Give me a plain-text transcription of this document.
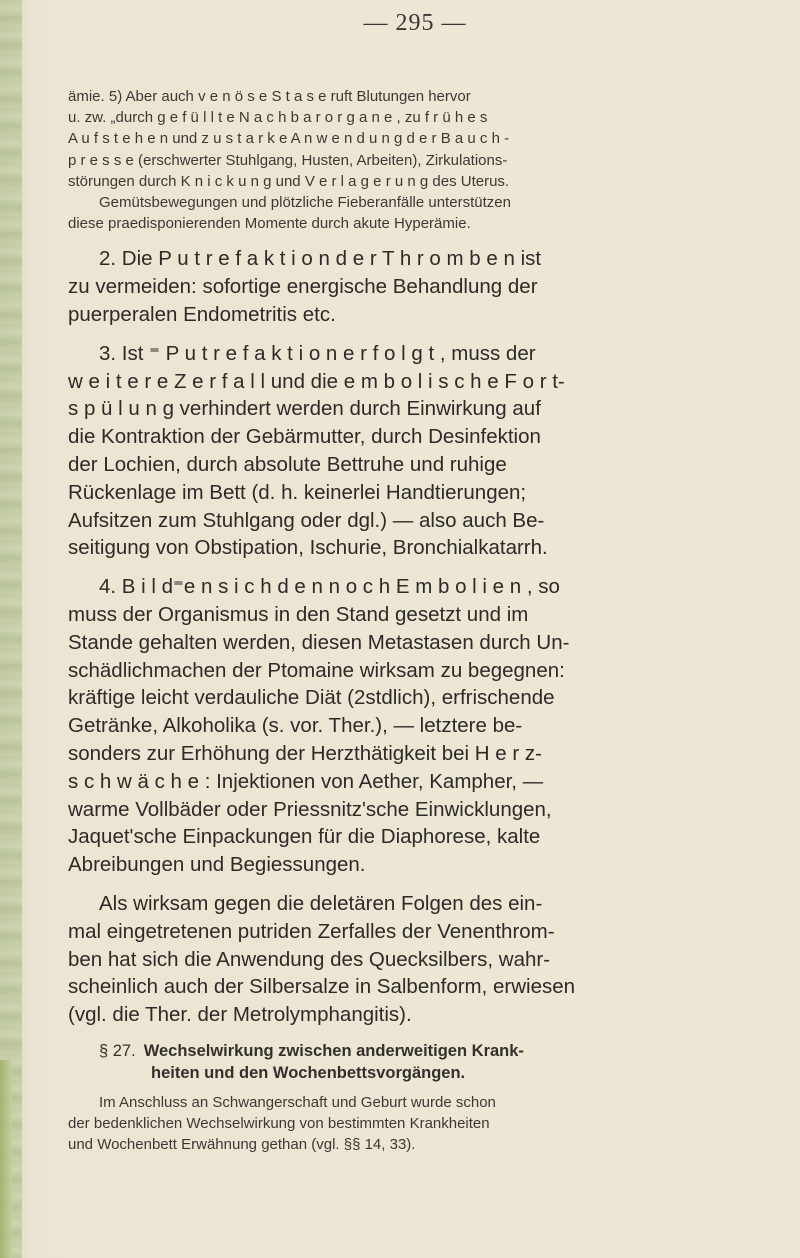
— 295 —

ämie. 5) Aber auch v e n ö s e S t a s e ruft Blutungen hervor
u. zw. „durch g e f ü l l t e N a c h b a r o r g a n e , zu f r ü h e s
A u f s t e h e n und z u s t a r k e A n w e n d u n g d e r B a u c h -
p r e s s e (erschwerter Stuhlgang, Husten, Arbeiten), Zirkulations-
störungen durch K n i c k u n g und V e r l a g e r u n g des Uterus.
Gemütsbewegungen und plötzliche Fieberanfälle unterstützen
diese praedisponierenden Momente durch akute Hyperämie.

2. Die P u t r e f a k t i o n d e r T h r o m b e n ist
zu vermeiden: sofortige energische Behandlung der
puerperalen Endometritis etc.

3. Ist ⁼ P u t r e f a k t i o n e r f o l g t , muss der
w e i t e r e Z e r f a l l und die e m b o l i s c h e F o r t-
s p ü l u n g verhindert werden durch Einwirkung auf
die Kontraktion der Gebärmutter, durch Desinfektion
der Lochien, durch absolute Bettruhe und ruhige
Rückenlage im Bett (d. h. keinerlei Handtierungen;
Aufsitzen zum Stuhlgang oder dgl.) — also auch Be-
seitigung von Obstipation, Ischurie, Bronchialkatarrh.

4. B i l d⁼e n s i c h d e n n o c h E m b o l i e n , so
muss der Organismus in den Stand gesetzt und im
Stande gehalten werden, diesen Metastasen durch Un-
schädlichmachen der Ptomaine wirksam zu begegnen:
kräftige leicht verdauliche Diät (2stdlich), erfrischende
Getränke, Alkoholika (s. vor. Ther.), — letztere be-
sonders zur Erhöhung der Herzthätigkeit bei H e r z-
s c h w ä c h e : Injektionen von Aether, Kampher, —
warme Vollbäder oder Priessnitz'sche Einwicklungen,
Jaquet'sche Einpackungen für die Diaphorese, kalte
Abreibungen und Begiessungen.

Als wirksam gegen die deletären Folgen des ein-
mal eingetretenen putriden Zerfalles der Venenthrom-
ben hat sich die Anwendung des Quecksilbers, wahr-
scheinlich auch der Silbersalze in Salbenform, erwiesen
(vgl. die Ther. der Metrolymphangitis).

§ 27. Wechselwirkung zwischen anderweitigen Krank-
heiten und den Wochenbettsvorgängen.

Im Anschluss an Schwangerschaft und Geburt wurde schon
der bedenklichen Wechselwirkung von bestimmten Krankheiten
und Wochenbett Erwähnung gethan (vgl. §§ 14, 33).
